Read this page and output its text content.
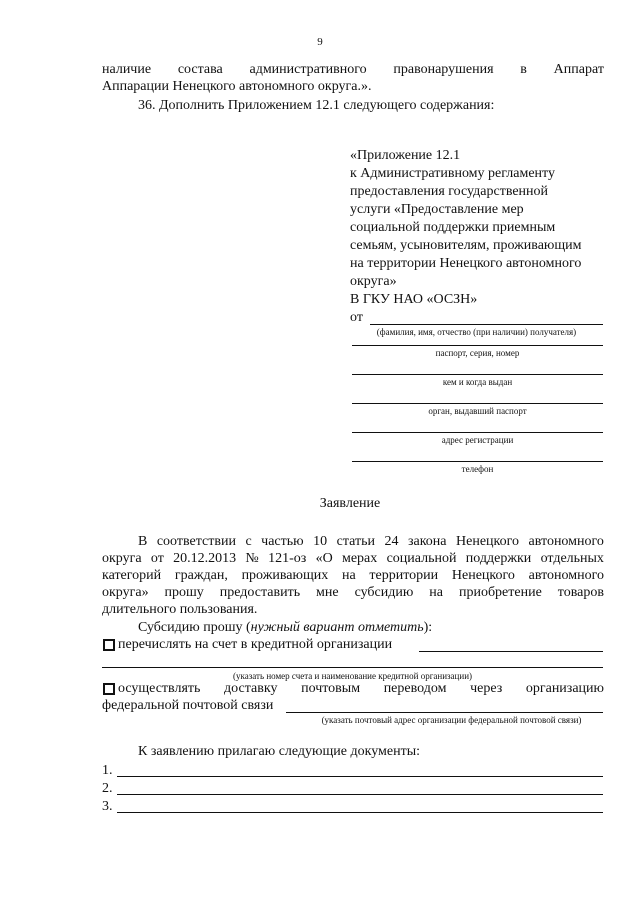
9
наличие состава административного правонарушения в Аппарат
Аппарации Ненецкого автономного округа.».
36. Дополнить Приложением 12.1 следующего содержания:
«Приложение 12.1
к Административному регламенту
предоставления государственной
услуги «Предоставление мер
социальной поддержки приемным
семьям, усыновителям, проживающим
на территории Ненецкого автономного
округа»
В ГКУ НАО «ОСЗН»
от
(фамилия, имя, отчество (при наличии) получателя)
паспорт, серия, номер
кем и когда выдан
орган, выдавший паспорт
адрес регистрации
телефон
Заявление
В соответствии с частью 10 статьи 24 закона Ненецкого автономного
округа от 20.12.2013 № 121-оз «О мерах социальной поддержки отдельных
категорий граждан, проживающих на территории Ненецкого автономного
округа» прошу предоставить мне субсидию на приобретение товаров
длительного пользования.
Субсидию прошу (нужный вариант отметить):
перечислять на счет в кредитной организации
(указать номер счета и наименование кредитной организации)
осуществлять доставку почтовым переводом через организацию
федеральной почтовой связи
(указать почтовый адрес организации федеральной почтовой связи)
К заявлению прилагаю следующие документы:
1.
2.
3.
